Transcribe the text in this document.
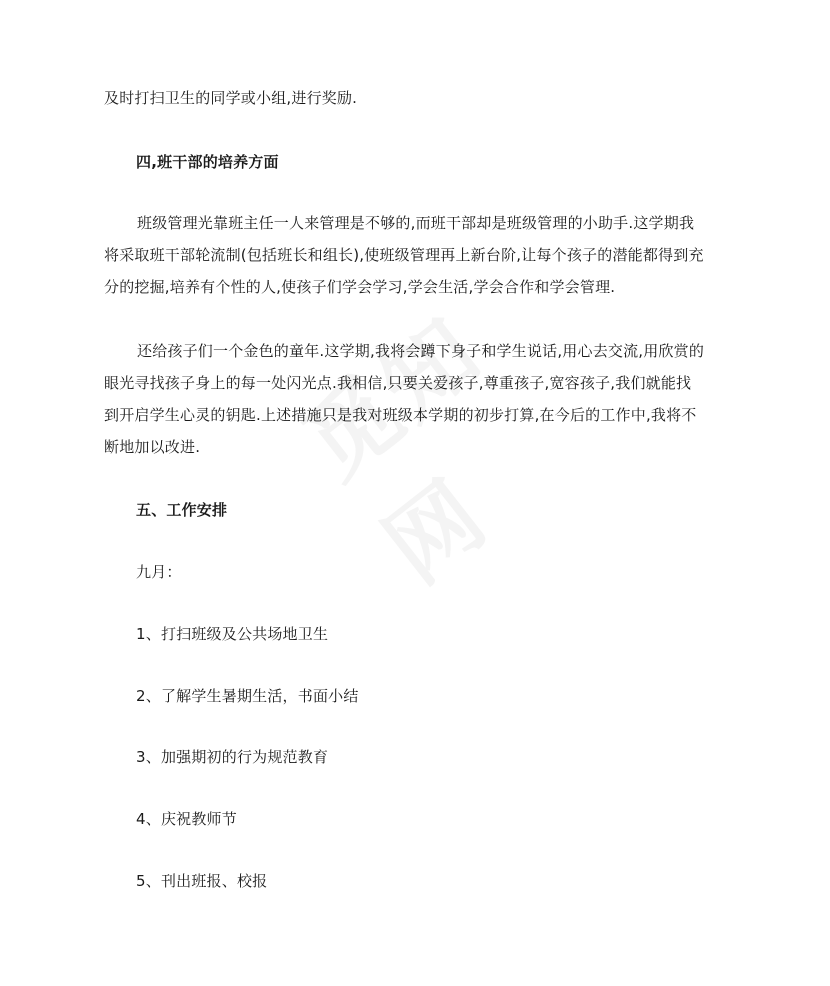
及时打扫卫生的同学或小组,进行奖励.
四,班干部的培养方面
班级管理光靠班主任一人来管理是不够的,而班干部却是班级管理的小助手.这学期我
将采取班干部轮流制(包括班长和组长),使班级管理再上新台阶,让每个孩子的潜能都得到充
分的挖掘,培养有个性的人,使孩子们学会学习,学会生活,学会合作和学会管理.
还给孩子们一个金色的童年.这学期,我将会蹲下身子和学生说话,用心去交流,用欣赏的
眼光寻找孩子身上的每一处闪光点.我相信,只要关爱孩子,尊重孩子,宽容孩子,我们就能找
到开启学生心灵的钥匙.上述措施只是我对班级本学期的初步打算,在今后的工作中,我将不
断地加以改进.
五、工作安排
九月：
1、打扫班级及公共场地卫生
2、了解学生暑期生活，书面小结
3、加强期初的行为规范教育
4、庆祝教师节
5、刊出班报、校报
